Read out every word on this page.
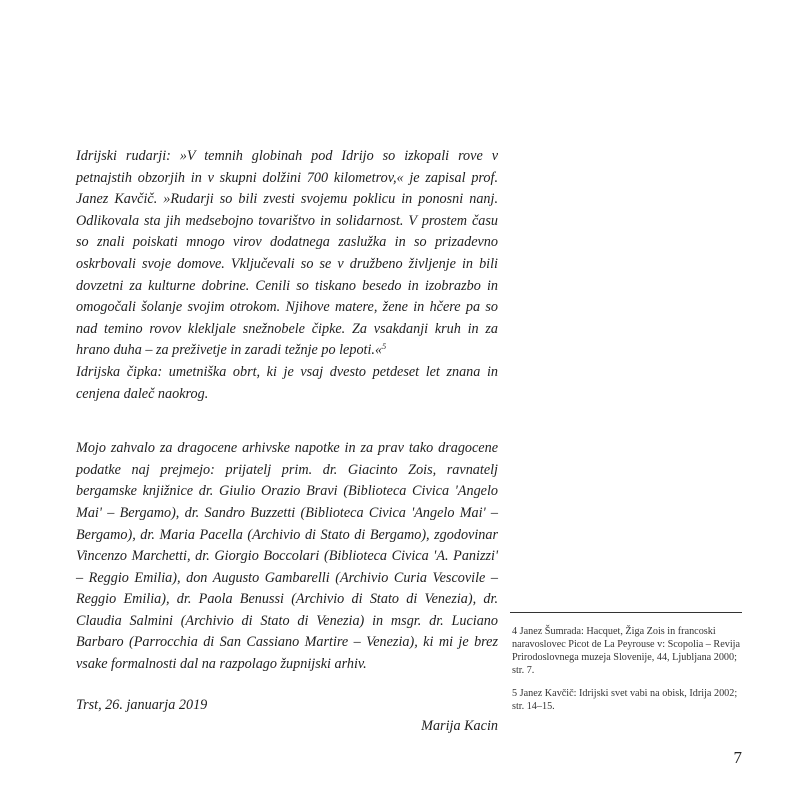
Idrijski rudarji: »V temnih globinah pod Idrijo so izkopali rove v petnajstih obzorjih in v skupni dolžini 700 kilometrov,« je zapisal prof. Janez Kavčič. »Rudarji so bili zvesti svojemu poklicu in ponosni nanj. Odlikovala sta jih medsebojno tovarištvo in solidarnost. V prostem času so znali poiskati mnogo virov dodatnega zaslužka in so prizadevno oskrbovali svoje domove. Vključevali so se v družbeno življenje in bili dovzetni za kulturne dobrine. Cenili so tiskano besedo in izobrazbo in omogočali šolanje svojim otrokom. Njihove matere, žene in hčere pa so nad temino rovov klekljale snežnobele čipke. Za vsakdanji kruh in za hrano duha – za preživetje in zaradi težnje po lepoti.«$^5$

Idrijska čipka: umetniška obrt, ki je vsaj dvesto petdeset let znana in cenjena daleč naokrog.

Mojo zahvalo za dragocene arhivske napotke in za prav tako dragocene podatke naj prejmejo: prijatelj prim. dr. Giacinto Zois, ravnatelj bergamske knjižnice dr. Giulio Orazio Bravi (Biblioteca Civica 'Angelo Mai' – Bergamo), dr. Sandro Buzzetti (Biblioteca Civica 'Angelo Mai' – Bergamo), dr. Maria Pacella (Archivio di Stato di Bergamo), zgodovinar Vincenzo Marchetti, dr. Giorgio Boccolari (Biblioteca Civica 'A. Panizzi' – Reggio Emilia), don Augusto Gambarelli (Archivio Curia Vescovile – Reggio Emilia), dr. Paola Benussi (Archivio di Stato di Venezia), dr. Claudia Salmini (Archivio di Stato di Venezia) in msgr. dr. Luciano Barbaro (Parrocchia di San Cassiano Martire – Venezia), ki mi je brez vsake formalnosti dal na razpolago župnijski arhiv.

Trst, 26. januarja 2019

Marija Kacin

4 Janez Šumrada: Hacquet, Žiga Zois in francoski naravoslovec Picot de La Peyrouse v: Scopolia – Revija Prirodoslovnega muzeja Slovenije, 44, Ljubljana 2000; str. 7.

5 Janez Kavčič: Idrijski svet vabi na obisk, Idrija 2002; str. 14–15.

7
